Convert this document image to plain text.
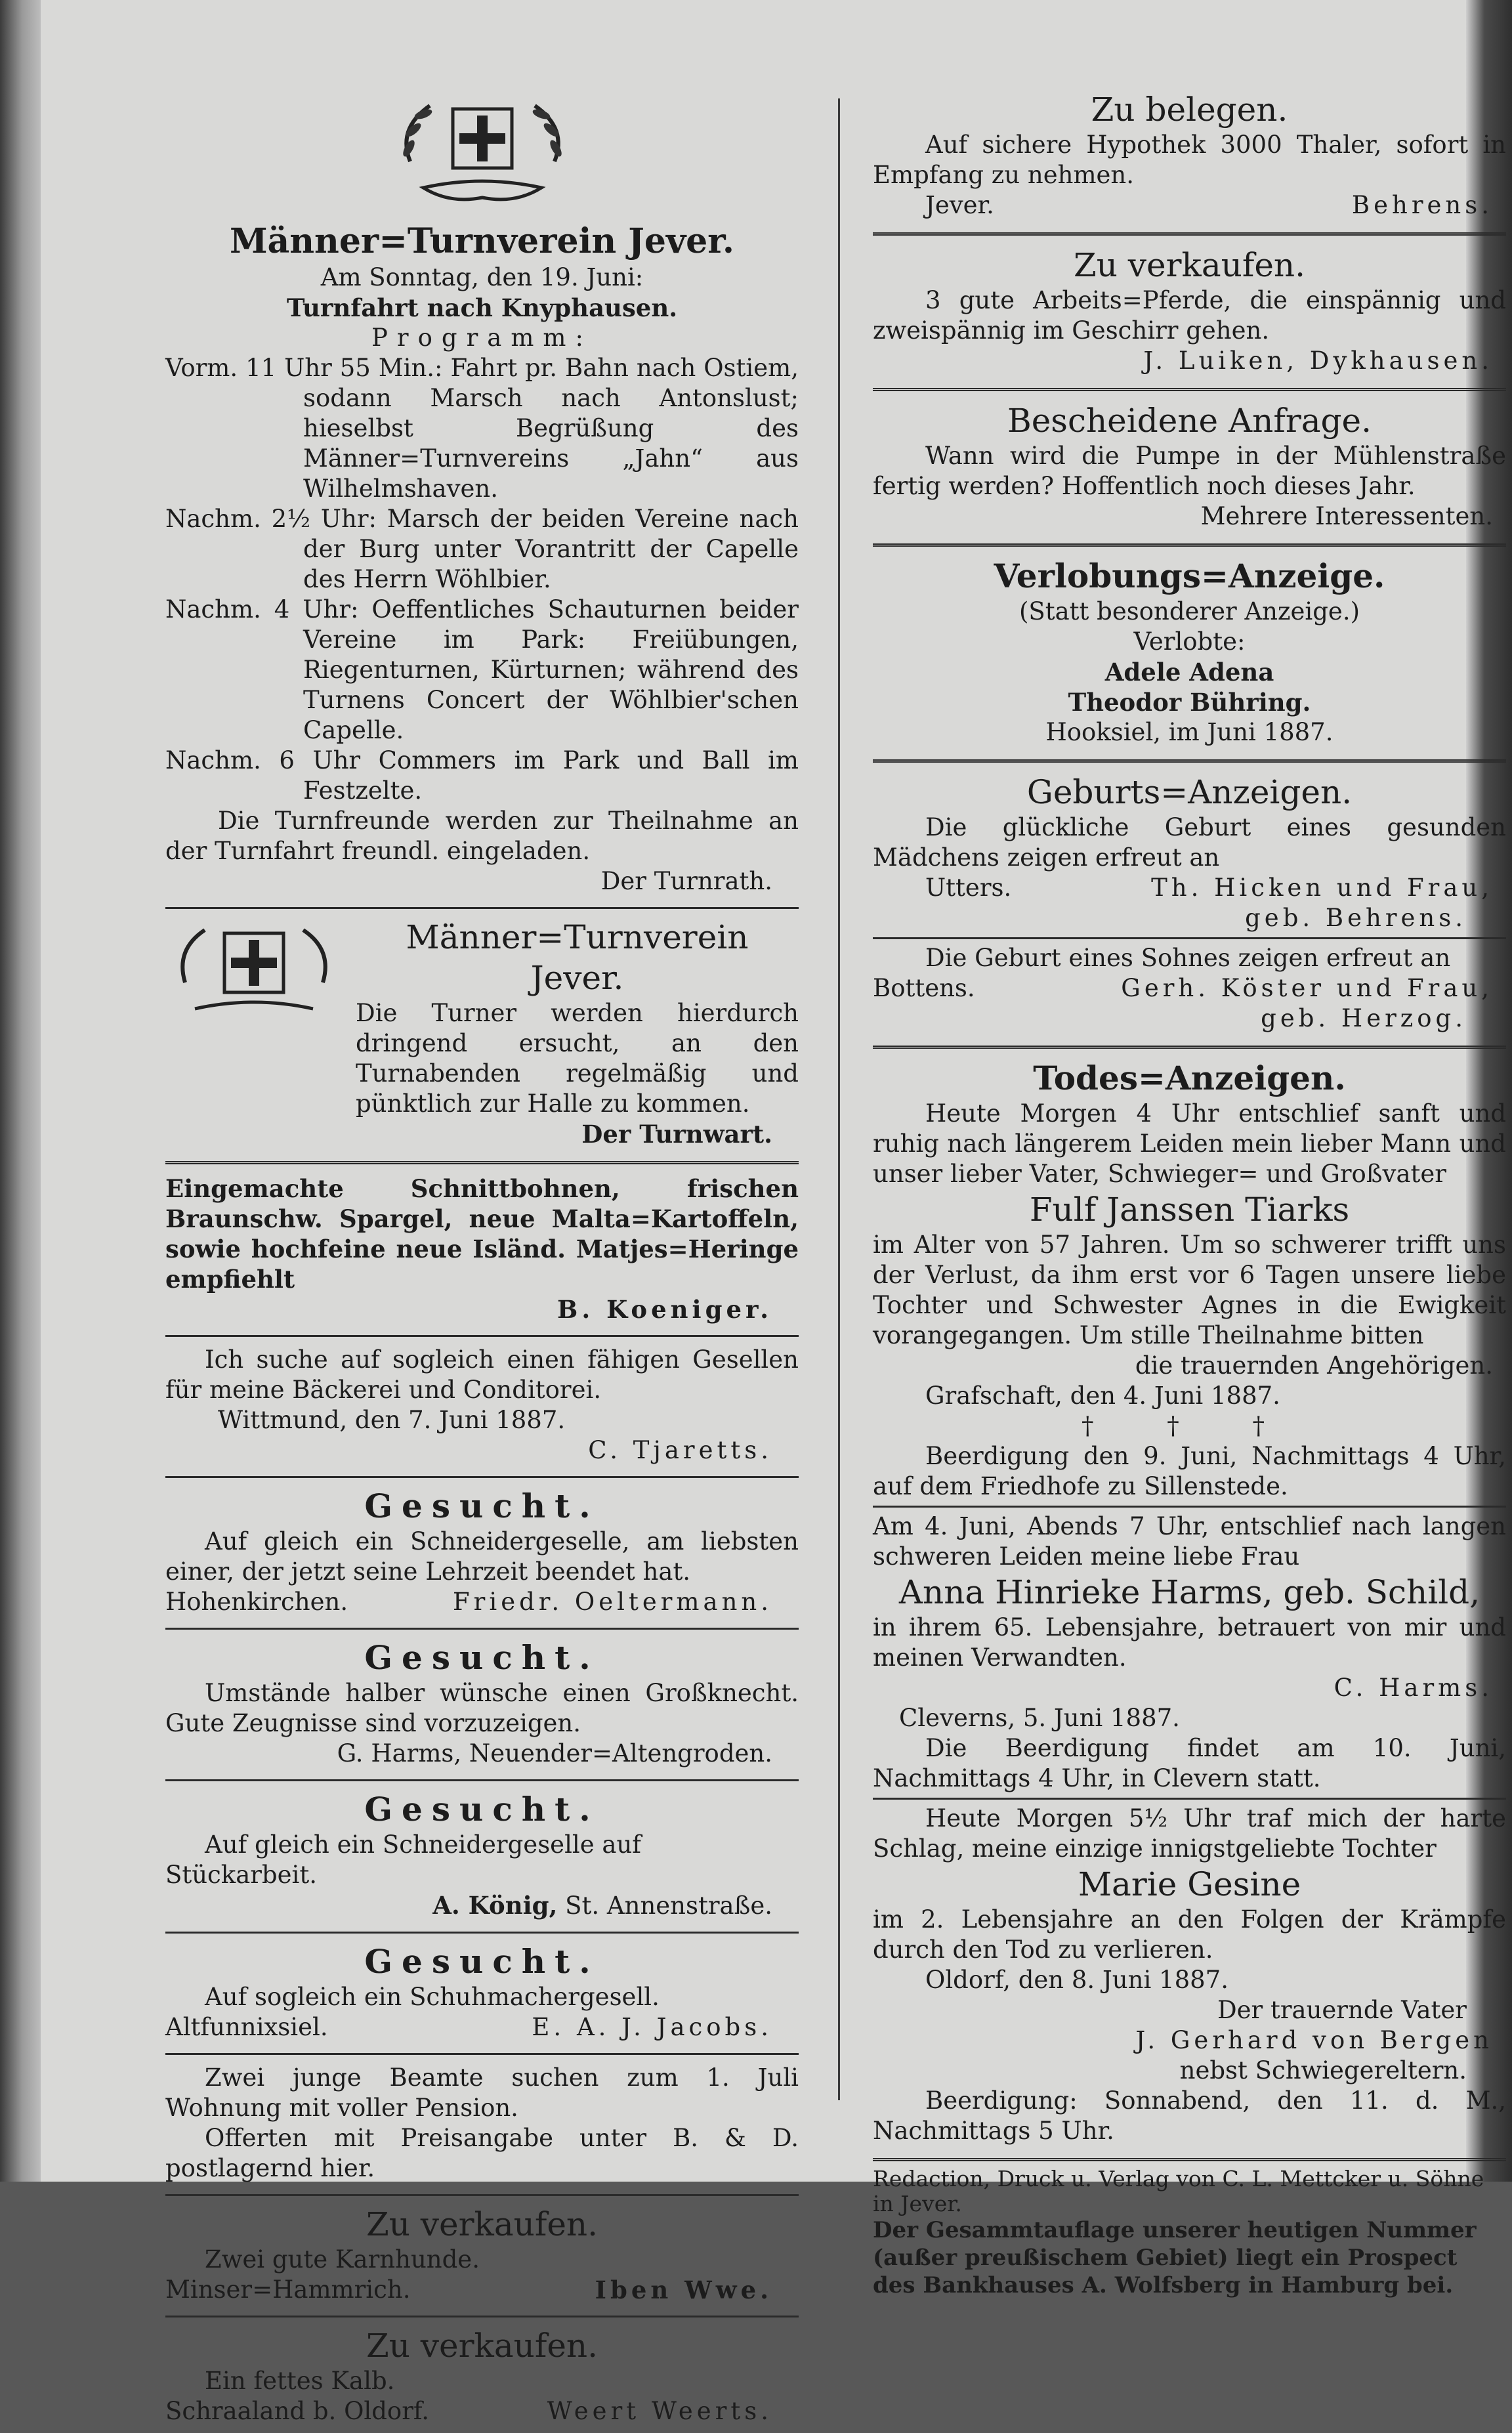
Männer=Turnverein Jever.
Am Sonntag, den 19. Juni:
Turnfahrt nach Knyphausen.
Programm:
Vorm. 11 Uhr 55 Min.: Fahrt pr. Bahn nach Ostiem, sodann Marsch nach Antonslust; hieselbst Begrüßung des Männer=Turnvereins „Jahn“ aus Wilhelmshaven.
Nachm. 2½ Uhr: Marsch der beiden Vereine nach der Burg unter Vorantritt der Capelle des Herrn Wöhlbier.
Nachm. 4 Uhr: Oeffentliches Schauturnen beider Vereine im Park: Freiübungen, Riegenturnen, Kürturnen; während des Turnens Concert der Wöhlbier'schen Capelle.
Nachm. 6 Uhr Commers im Park und Ball im Festzelte.
Die Turnfreunde werden zur Theilnahme an der Turnfahrt freundl. eingeladen.
Der Turnrath.
Männer=Turnverein Jever.
Die Turner werden hierdurch dringend ersucht, an den Turnabenden regelmäßig und pünktlich zur Halle zu kommen.
Der Turnwart.
Eingemachte Schnittbohnen, frischen Braunschw. Spargel, neue Malta=Kartoffeln, sowie hochfeine neue Isländ. Matjes=Heringe empfiehlt
B. Koeniger.
Ich suche auf sogleich einen fähigen Gesellen für meine Bäckerei und Conditorei.
Wittmund, den 7. Juni 1887.
C. Tjaretts.
Gesucht.
Auf gleich ein Schneidergeselle, am liebsten einer, der jetzt seine Lehrzeit beendet hat.
Hohenkirchen.	Friedr. Oeltermann.
Gesucht.
Umstände halber wünsche einen Großknecht. Gute Zeugnisse sind vorzuzeigen.
G. Harms, Neuender=Altengroden.
Gesucht.
Auf gleich ein Schneidergeselle auf Stückarbeit.
A. König, St. Annenstraße.
Gesucht.
Auf sogleich ein Schuhmachergesell.
Altfunnixsiel.	E. A. J. Jacobs.
Zwei junge Beamte suchen zum 1. Juli Wohnung mit voller Pension.
Offerten mit Preisangabe unter B. & D. postlagernd hier.
Zu verkaufen.
Zwei gute Karnhunde.
Minser=Hammrich.	Iben Wwe.
Zu verkaufen.
Ein fettes Kalb.
Schraaland b. Oldorf.	Weert Weerts.
Zu belegen.
Auf sichere Hypothek 3000 Thaler, sofort in Empfang zu nehmen.
Jever.	Behrens.
Zu verkaufen.
3 gute Arbeits=Pferde, die einspännig und zweispännig im Geschirr gehen.
J. Luiken, Dykhausen.
Bescheidene Anfrage.
Wann wird die Pumpe in der Mühlenstraße fertig werden? Hoffentlich noch dieses Jahr.
Mehrere Interessenten.
Verlobungs=Anzeige.
(Statt besonderer Anzeige.)
Verlobte:
Adele Adena
Theodor Bühring.
Hooksiel, im Juni 1887.
Geburts=Anzeigen.
Die glückliche Geburt eines gesunden Mädchens zeigen erfreut an
Utters.	Th. Hicken und Frau,
geb. Behrens.
Die Geburt eines Sohnes zeigen erfreut an
Bottens.	Gerh. Köster und Frau,
geb. Herzog.
Todes=Anzeigen.
Heute Morgen 4 Uhr entschlief sanft und ruhig nach längerem Leiden mein lieber Mann und unser lieber Vater, Schwieger= und Großvater
Fulf Janssen Tiarks
im Alter von 57 Jahren. Um so schwerer trifft uns der Verlust, da ihm erst vor 6 Tagen unsere liebe Tochter und Schwester Agnes in die Ewigkeit vorangegangen. Um stille Theilnahme bitten
die trauernden Angehörigen.
Grafschaft, den 4. Juni 1887.
† † †
Beerdigung den 9. Juni, Nachmittags 4 Uhr, auf dem Friedhofe zu Sillenstede.
Am 4. Juni, Abends 7 Uhr, entschlief nach langen schweren Leiden meine liebe Frau
Anna Hinrieke Harms, geb. Schild,
in ihrem 65. Lebensjahre, betrauert von mir und meinen Verwandten.
C. Harms.
Cleverns, 5. Juni 1887.
Die Beerdigung findet am 10. Juni, Nachmittags 4 Uhr, in Clevern statt.
Heute Morgen 5½ Uhr traf mich der harte Schlag, meine einzige innigstgeliebte Tochter
Marie Gesine
im 2. Lebensjahre an den Folgen der Krämpfe durch den Tod zu verlieren.
Oldorf, den 8. Juni 1887.
Der trauernde Vater
J. Gerhard von Bergen
nebst Schwiegereltern.
Beerdigung: Sonnabend, den 11. d. M., Nachmittags 5 Uhr.
Redaction, Druck u. Verlag von C. L. Mettcker u. Söhne in Jever.
Der Gesammtauflage unserer heutigen Nummer (außer preußischem Gebiet) liegt ein Prospect des Bankhauses A. Wolfsberg in Hamburg bei.
